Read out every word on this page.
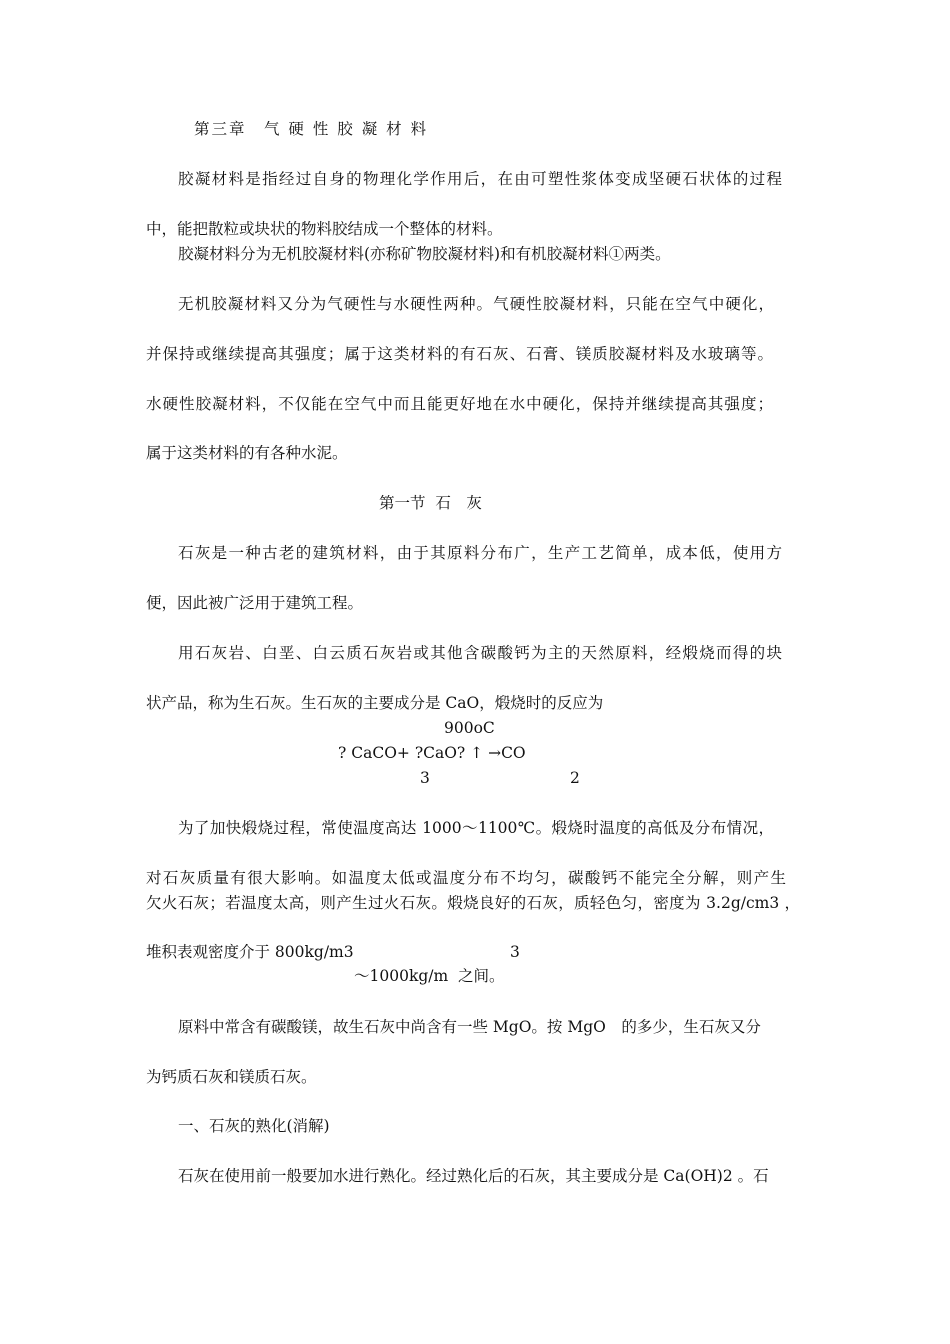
第三章　气 硬 性 胶 凝 材 料
胶凝材料是指经过自身的物理化学作用后，在由可塑性浆体变成坚硬石状体的过程
中，能把散粒或块状的物料胶结成一个整体的材料。
胶凝材料分为无机胶凝材料(亦称矿物胶凝材料)和有机胶凝材料①两类。
无机胶凝材料又分为气硬性与水硬性两种。气硬性胶凝材料，只能在空气中硬化，
并保持或继续提高其强度；属于这类材料的有石灰、石膏、镁质胶凝材料及水玻璃等。
水硬性胶凝材料，不仅能在空气中而且能更好地在水中硬化，保持并继续提高其强度；
属于这类材料的有各种水泥。
第一节  石　灰
石灰是一种古老的建筑材料，由于其原料分布广，生产工艺简单，成本低，使用方
便，因此被广泛用于建筑工程。
用石灰岩、白垩、白云质石灰岩或其他含碳酸钙为主的天然原料，经煅烧而得的块
状产品，称为生石灰。生石灰的主要成分是 CaO，煅烧时的反应为
900oC
? CaCO+ ?CaO? ↑ →CO
3	2
为了加快煅烧过程，常使温度高达 1000～1100℃。煅烧时温度的高低及分布情况，
对石灰质量有很大影响。如温度太低或温度分布不均匀，碳酸钙不能完全分解，则产生
欠火石灰；若温度太高，则产生过火石灰。煅烧良好的石灰，质轻色匀，密度为 3.2g/cm3 ，
堆积表观密度介于 800kg/m3	3
～1000kg/m  之间。
原料中常含有碳酸镁，故生石灰中尚含有一些 MgO。按 MgO　的多少，生石灰又分
为钙质石灰和镁质石灰。
一、石灰的熟化(消解)
石灰在使用前一般要加水进行熟化。经过熟化后的石灰，其主要成分是 Ca(OH)2 。石
